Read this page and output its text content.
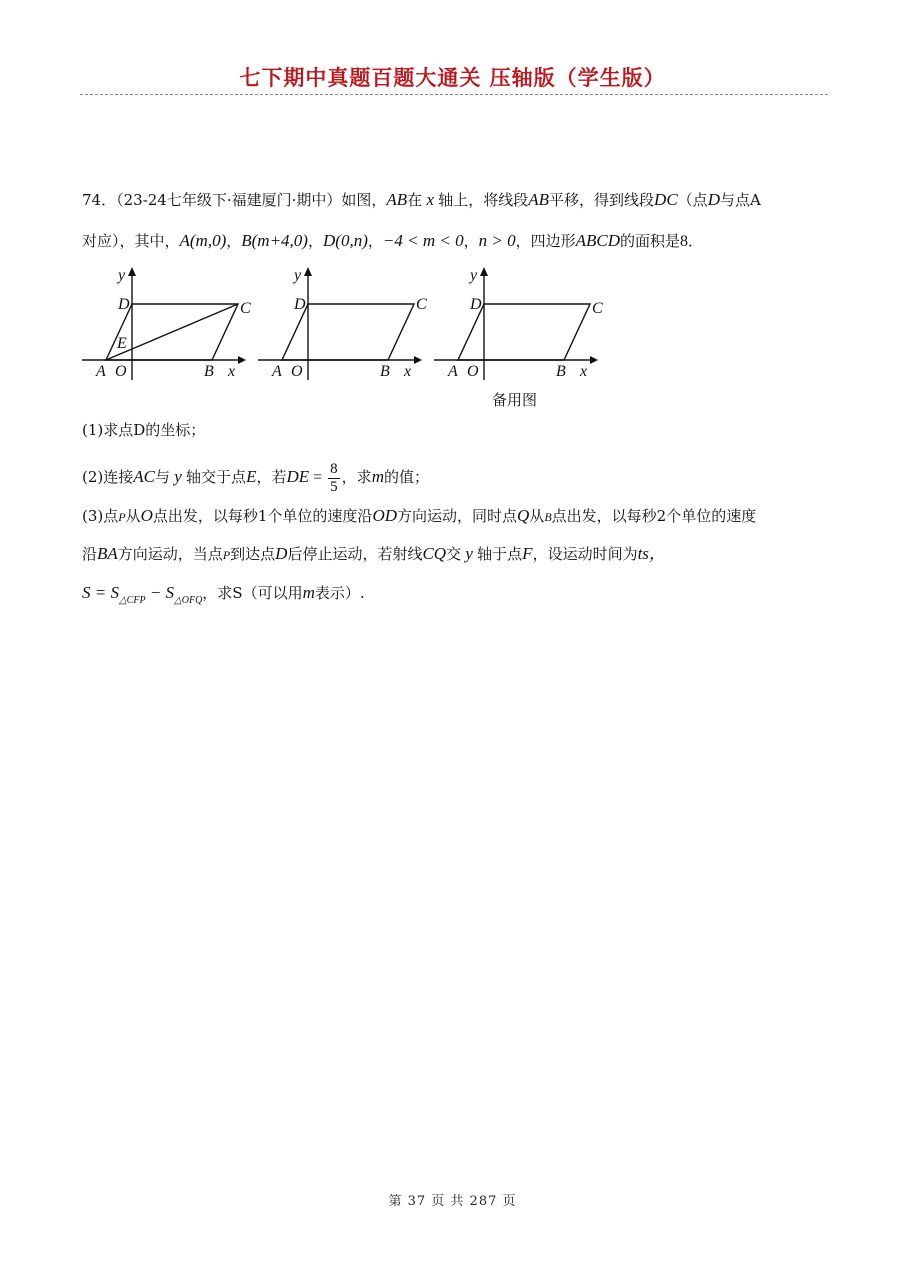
七下期中真题百题大通关 压轴版（学生版）
74．（23-24七年级下·福建厦门·期中）如图，AB在 x 轴上，将线段AB平移，得到线段DC（点D与点A
对应），其中，A(m,0)，B(m+4,0)，D(0,n)，−4 < m < 0，n > 0，四边形ABCD的面积是8．
y
D	C
E
A O	B x
y
D	C
A O	B x
y
D	C
A O	B x
备用图
(1)求点D的坐标；
(2)连接AC与 y 轴交于点E，若DE = $\frac{8}{5}$ ，求m的值；
(3)点P从O点出发，以每秒1个单位的速度沿OD方向运动，同时点Q从B点出发，以每秒2个单位的速度
沿BA方向运动，当点P到达点D后停止运动，若射线CQ交 y 轴于点F，设运动时间为ts，
$S = S_{\triangle CFP} - S_{\triangle OFQ}$，求S（可以用m表示）.
第 37 页 共 287 页
